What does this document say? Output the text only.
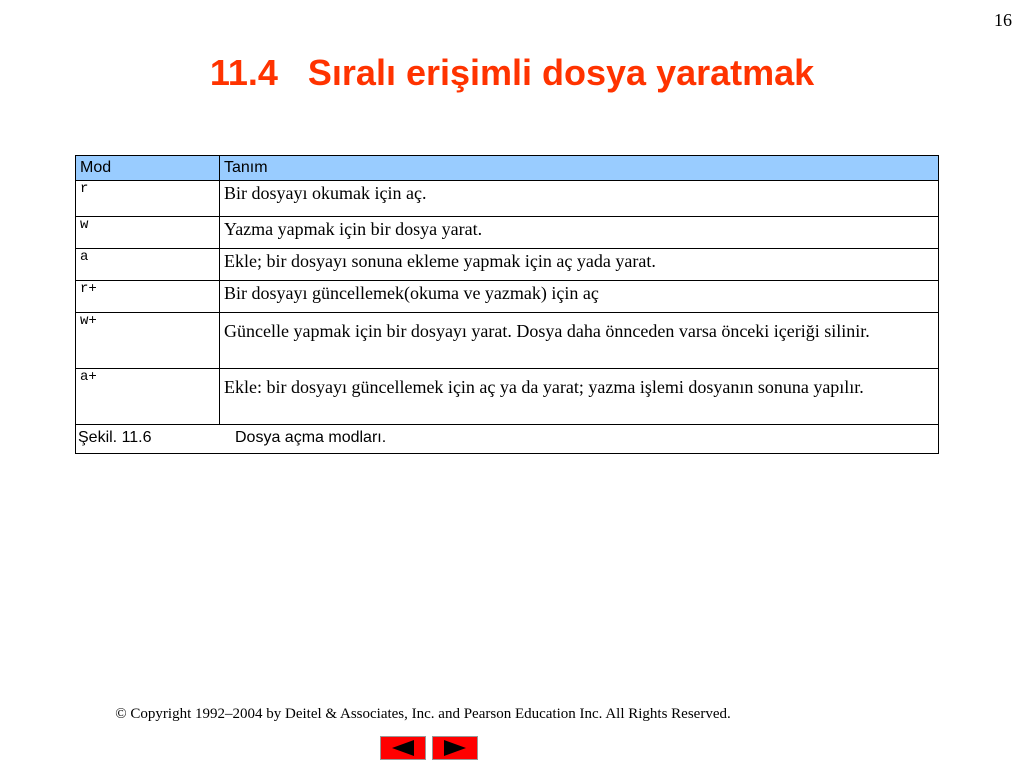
16
11.4   Sıralı erişimli dosya yaratmak
Mod	Tanım
r	Bir dosyayı okumak için aç.
w	Yazma yapmak için bir dosya yarat.
a	Ekle; bir dosyayı sonuna ekleme yapmak için aç yada yarat.
r+	Bir dosyayı güncellemek(okuma ve yazmak) için aç
w+	Güncelle yapmak için bir dosyayı yarat. Dosya daha önnceden varsa önceki içeriği silinir.
a+	Ekle: bir dosyayı güncellemek için aç ya da yarat; yazma işlemi dosyanın sonuna yapılır.
Şekil. 11.6 Dosya açma modları.	
© Copyright 1992–2004 by Deitel & Associates, Inc. and Pearson Education Inc. All Rights Reserved.
